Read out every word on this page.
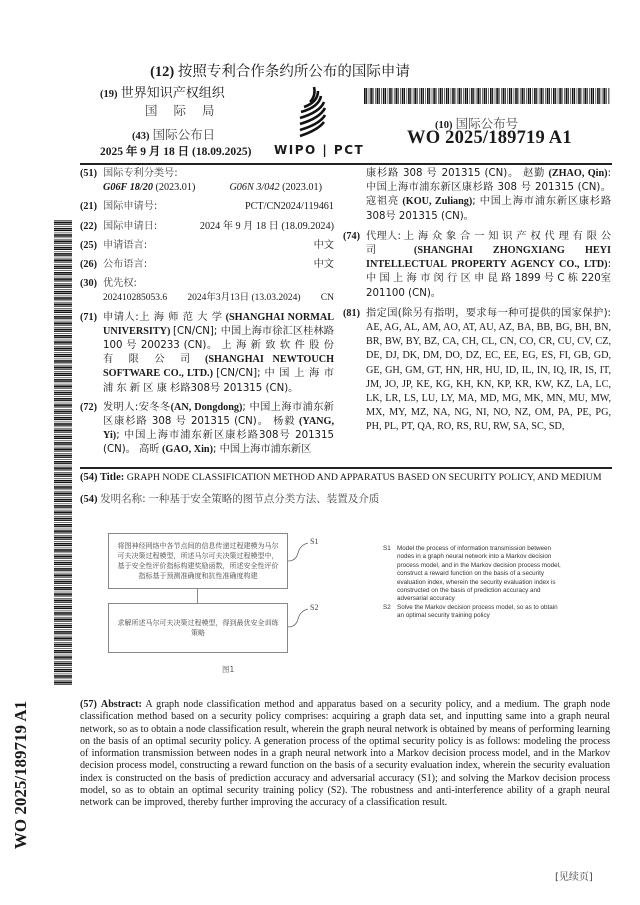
(12) 按照专利合作条约所公布的国际申请
(19) 世界知识产权组织
国 际 局
(43) 国际公布日
2025 年 9 月 18 日 (18.09.2025) WIPO | PCT
(10) 国际公布号
WO 2025/189719 A1
WO 2025/189719 A1
(51) 国际专利分类号:
G06F 18/20 (2023.01)	G06N 3/042 (2023.01)
(21) 国际申请号:	PCT/CN2024/119461
(22) 国际申请日:	2024 年 9 月 18 日 (18.09.2024)
(25) 申请语言:	中文
(26) 公布语言:	中文
(30) 优先权:
202410285053.6 2024年3月13日 (13.03.2024) CN
(71) 申请人:上 海 师 范 大 学 (SHANGHAI NORMAL UNIVERSITY) [CN/CN]; 中国上海市徐汇区桂林路 100 号 200233 (CN)。 上 海 新 致 软 件 股 份 有 限 公 司 (SHANGHAI NEWTOUCH SOFTWARE CO., LTD.) [CN/CN]; 中 国 上 海 市 浦 东 新 区 康 杉路308号 201315 (CN)。
(72) 发明人:安冬冬(AN, Dongdong); 中国上海市浦东新区康杉路 308 号 201315 (CN)。 杨毅 (YANG, Yi); 中国上海市浦东新区康杉路308号 201315 (CN)。 高昕 (GAO, Xin); 中国上海市浦东新区
康杉路 308 号 201315 (CN)。 赵勤 (ZHAO, Qin): 中国上海市浦东新区康杉路 308 号 201315 (CN)。 寇祖亮 (KOU, Zuliang); 中国上海市浦东新区康杉路308号 201315 (CN)。
(74) 代理人: 上 海 众 象 合 一 知 识 产 权 代 理 有 限 公 司 (SHANGHAI ZHONGXIANG HEYI INTELLECTUAL PROPERTY AGENCY CO., LTD): 中 国 上 海 市 闵 行 区 申 昆 路 1899 号 C 栋 220室 201100 (CN)。
(81) 指定国(除另有指明，要求每一种可提供的国家保护): AE, AG, AL, AM, AO, AT, AU, AZ, BA, BB, BG, BH, BN, BR, BW, BY, BZ, CA, CH, CL, CN, CO, CR, CU, CV, CZ, DE, DJ, DK, DM, DO, DZ, EC, EE, EG, ES, FI, GB, GD, GE, GH, GM, GT, HN, HR, HU, ID, IL, IN, IQ, IR, IS, IT, JM, JO, JP, KE, KG, KH, KN, KP, KR, KW, KZ, LA, LC, LK, LR, LS, LU, LY, MA, MD, MG, MK, MN, MU, MW, MX, MY, MZ, NA, NG, NI, NO, NZ, OM, PA, PE, PG, PH, PL, PT, QA, RO, RS, RU, RW, SA, SC, SD,
(54) Title: GRAPH NODE CLASSIFICATION METHOD AND APPARATUS BASED ON SECURITY POLICY, AND MEDIUM
(54) 发明名称: 一种基于安全策略的图节点分类方法、装置及介质
将图神经网络中各节点间的信息传递过程建模为马尔可夫决策过程模型，所述马尔可夫决策过程模型中，基于安全性评价指标构建奖励函数，所述安全性评价指标基于预测准确度和抗性准确度构建
求解所述马尔可夫决策过程模型，得到最优安全训练策略
S1
S2
图1
S1 Model the process of information transmission between nodes in a graph neural network into a Markov decision process model, and in the Markov decision process model, construct a reward function on the basis of a security evaluation index, wherein the security evaluation index is constructed on the basis of prediction accuracy and adversarial accuracy
S2 Solve the Markov decision process model, so as to obtain an optimal security training policy
(57) Abstract: A graph node classification method and apparatus based on a security policy, and a medium. The graph node classification method based on a security policy comprises: acquiring a graph data set, and inputting same into a graph neural network, so as to obtain a node classification result, wherein the graph neural network is obtained by means of performing learning on the basis of an optimal security policy. A generation process of the optimal security policy is as follows: modeling the process of information transmission between nodes in a graph neural network into a Markov decision process model, and in the Markov decision process model, constructing a reward function on the basis of a security evaluation index, wherein the security evaluation index is constructed on the basis of prediction accuracy and adversarial accuracy (S1); and solving the Markov decision process model, so as to obtain an optimal security training policy (S2). The robustness and anti-interference ability of a graph neural network can be improved, thereby further improving the accuracy of a classification result.
[见续页]
